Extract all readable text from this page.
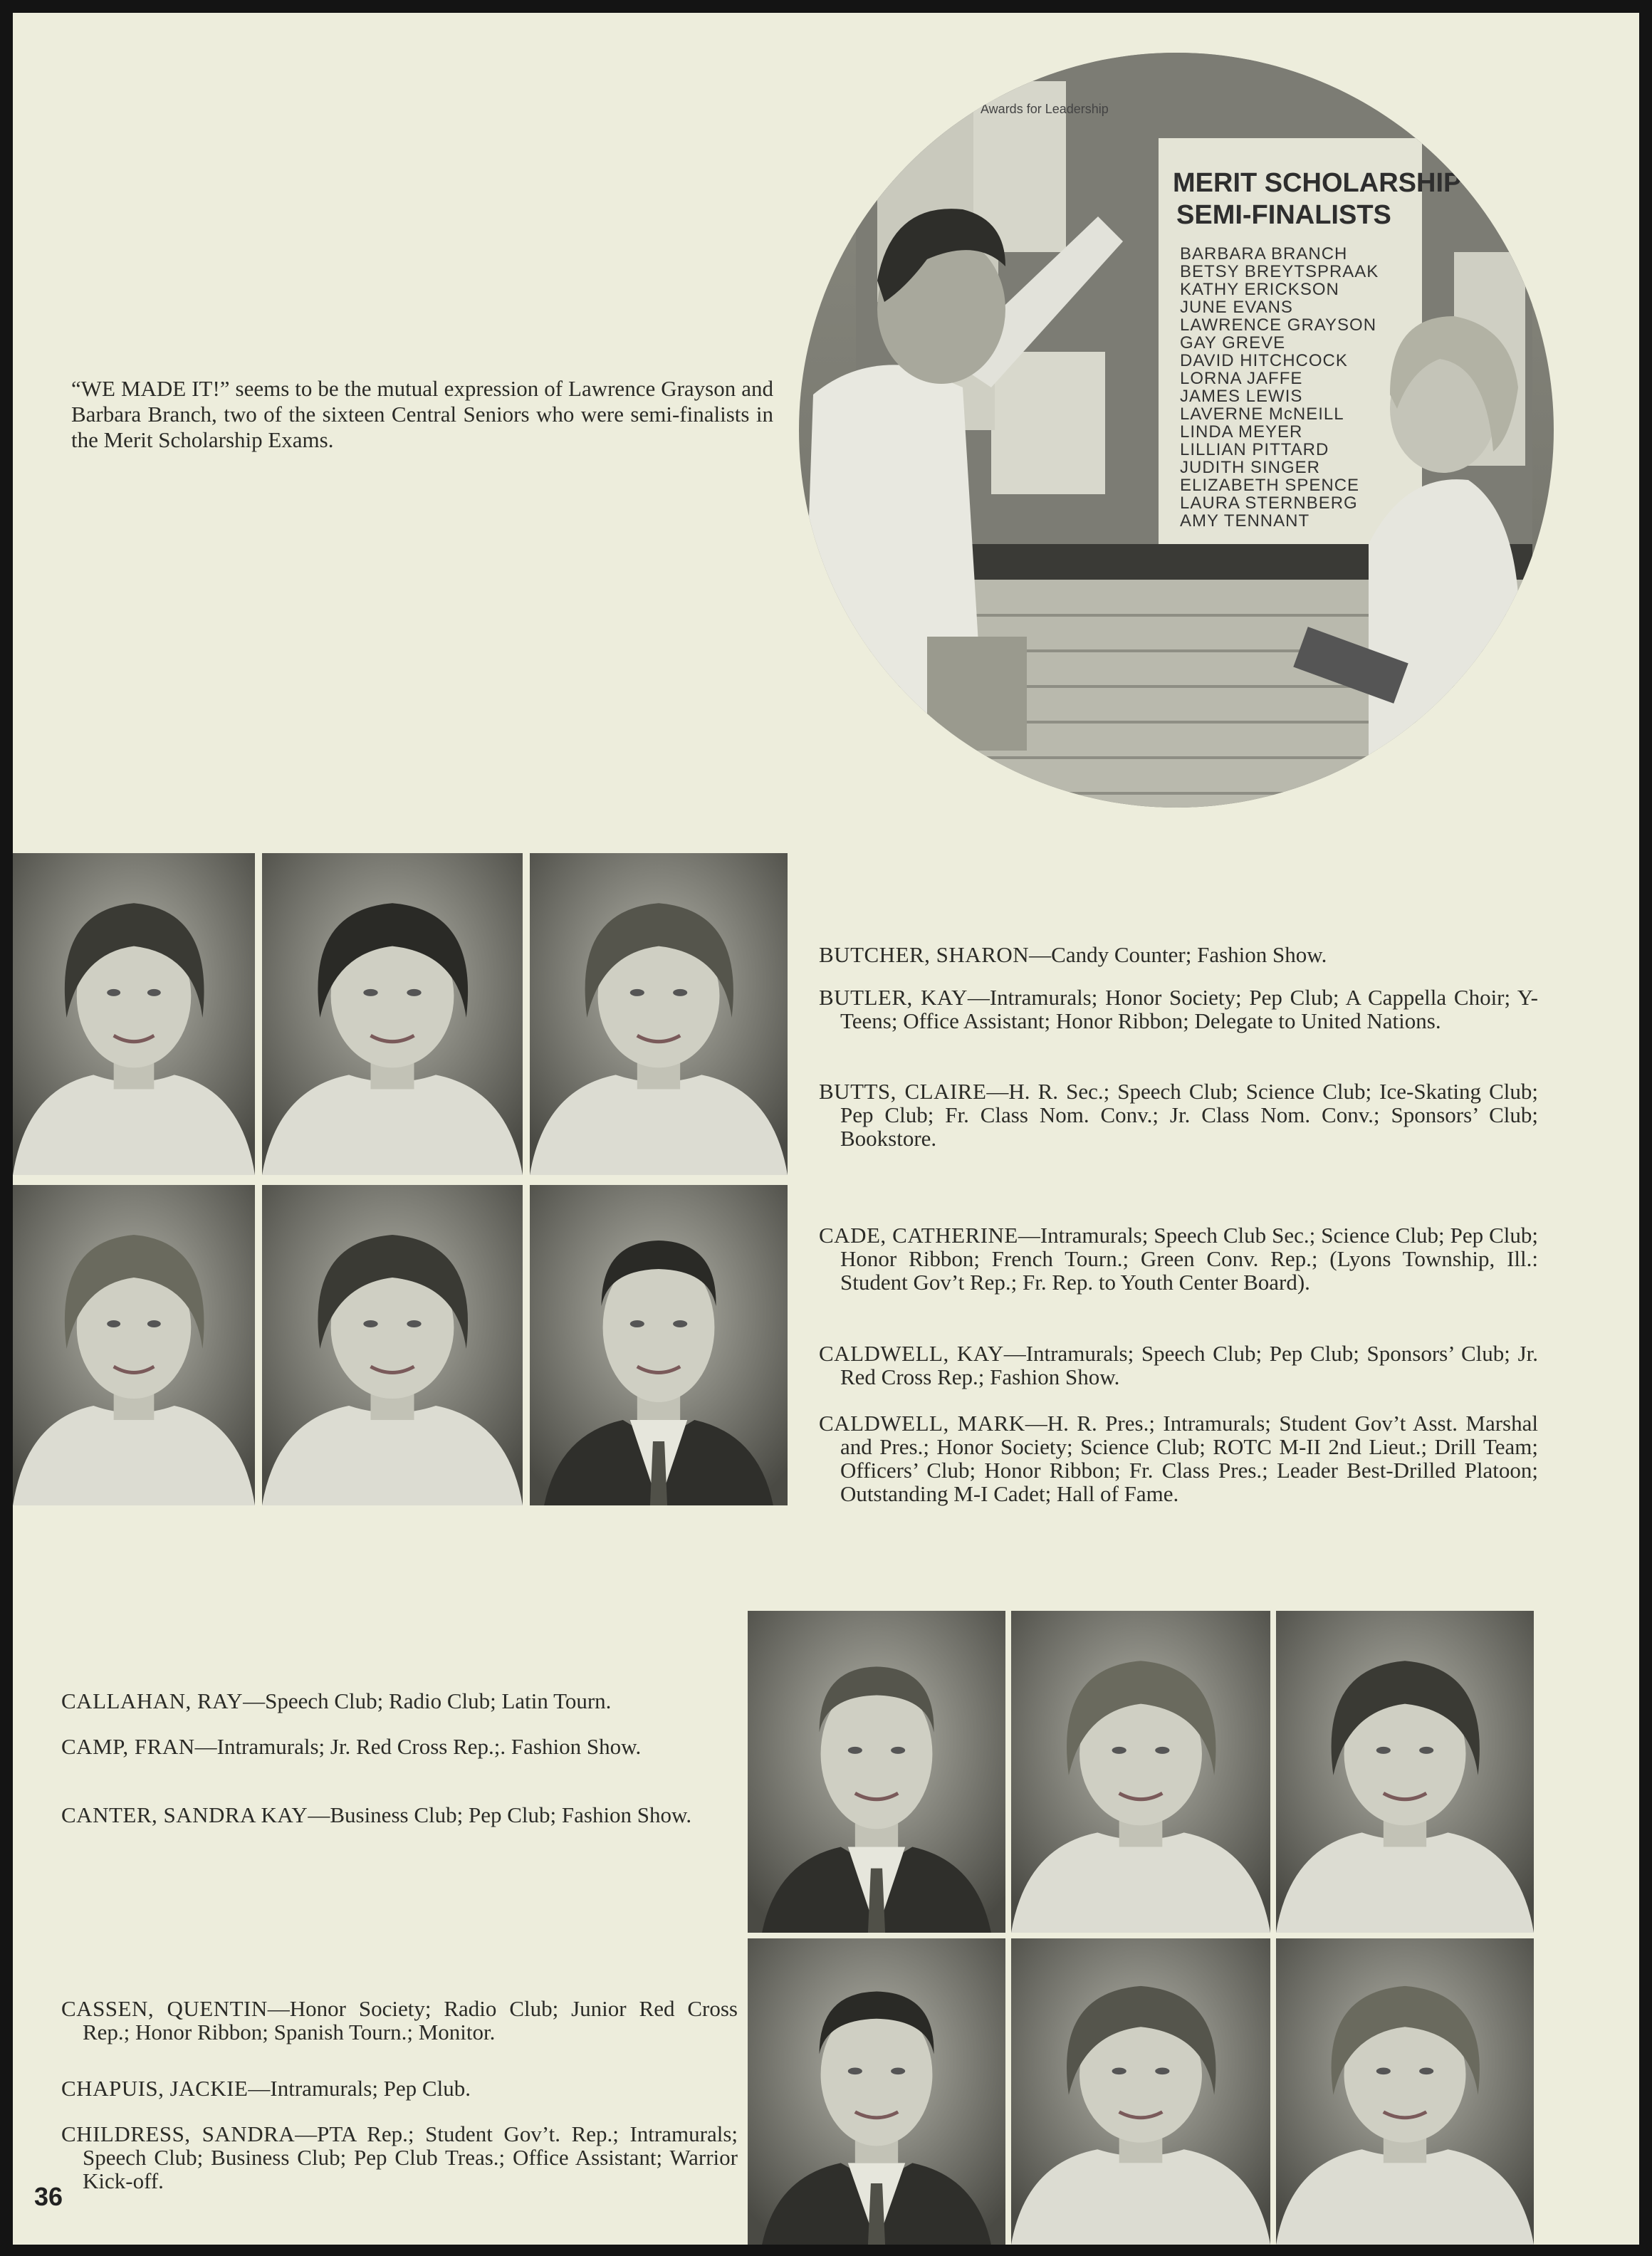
“WE MADE IT!” seems to be the mutual expression of Lawrence Grayson and Barbara Branch, two of the sixteen Central Seniors who were semi-finalists in the Merit Scholarship Exams.

Awards for Leadership
MERIT SCHOLARSHIP
SEMI-FINALISTS
BARBARA BRANCH
BETSY BREYTSPRAAK
KATHY ERICKSON
JUNE EVANS
LAWRENCE GRAYSON
GAY GREVE
DAVID HITCHCOCK
LORNA JAFFE
JAMES LEWIS
LAVERNE McNEILL
LINDA MEYER
LILLIAN PITTARD
JUDITH SINGER
ELIZABETH SPENCE
LAURA STERNBERG
AMY TENNANT
BUTCHER, SHARON—Candy Counter; Fashion Show.
BUTLER, KAY—Intramurals; Honor Society; Pep Club; A Cappella Choir; Y-Teens; Office Assistant; Honor Ribbon; Delegate to United Nations.
BUTTS, CLAIRE—H. R. Sec.; Speech Club; Science Club; Ice-Skating Club; Pep Club; Fr. Class Nom. Conv.; Jr. Class Nom. Conv.; Sponsors’ Club; Bookstore.
CADE, CATHERINE—Intramurals; Speech Club Sec.; Science Club; Pep Club; Honor Ribbon; French Tourn.; Green Conv. Rep.; (Lyons Township, Ill.: Student Gov’t Rep.; Fr. Rep. to Youth Center Board).
CALDWELL, KAY—Intramurals; Speech Club; Pep Club; Sponsors’ Club; Jr. Red Cross Rep.; Fashion Show.
CALDWELL, MARK—H. R. Pres.; Intramurals; Student Gov’t Asst. Marshal and Pres.; Honor Society; Science Club; ROTC M-II 2nd Lieut.; Drill Team; Officers’ Club; Honor Ribbon; Fr. Class Pres.; Leader Best-Drilled Platoon; Outstanding M-I Cadet; Hall of Fame.
CALLAHAN, RAY—Speech Club; Radio Club; Latin Tourn.
CAMP, FRAN—Intramurals; Jr. Red Cross Rep.;. Fashion Show.
CANTER, SANDRA KAY—Business Club; Pep Club; Fashion Show.
CASSEN, QUENTIN—Honor Society; Radio Club; Junior Red Cross Rep.; Honor Ribbon; Spanish Tourn.; Monitor.
CHAPUIS, JACKIE—Intramurals; Pep Club.
CHILDRESS, SANDRA—PTA Rep.; Student Gov’t. Rep.; Intramurals; Speech Club; Business Club; Pep Club Treas.; Office Assistant; Warrior Kick-off.
36
